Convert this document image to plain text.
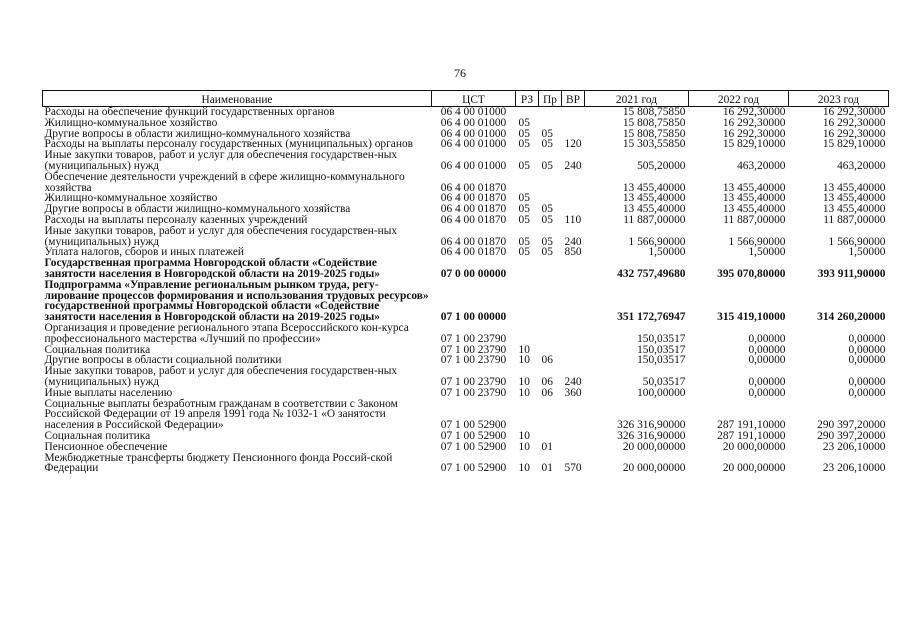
76
Наименование	ЦСТ	РЗ	Пр	ВР	2021 год	2022 год	2023 год
Расходы на обеспечение функций государственных органов	06 4 00 01000				15 808,75850	16 292,30000	16 292,30000
Жилищно-коммунальное хозяйство	06 4 00 01000	05			15 808,75850	16 292,30000	16 292,30000
Другие вопросы в области жилищно-коммунального хозяйства	06 4 00 01000	05	05		15 808,75850	16 292,30000	16 292,30000
Расходы на выплаты персоналу государственных (муниципальных) органов	06 4 00 01000	05	05	120	15 303,55850	15 829,10000	15 829,10000
Иные закупки товаров, работ и услуг для обеспечения государствен-ных (муниципальных) нужд	06 4 00 01000	05	05	240	505,20000	463,20000	463,20000
Обеспечение деятельности учреждений в сфере жилищно-коммунального хозяйства	06 4 00 01870				13 455,40000	13 455,40000	13 455,40000
Жилищно-коммунальное хозяйство	06 4 00 01870	05			13 455,40000	13 455,40000	13 455,40000
Другие вопросы в области жилищно-коммунального хозяйства	06 4 00 01870	05	05		13 455,40000	13 455,40000	13 455,40000
Расходы на выплаты персоналу казенных учреждений	06 4 00 01870	05	05	110	11 887,00000	11 887,00000	11 887,00000
Иные закупки товаров, работ и услуг для обеспечения государствен-ных (муниципальных) нужд	06 4 00 01870	05	05	240	1 566,90000	1 566,90000	1 566,90000
Уплата налогов, сборов и иных платежей	06 4 00 01870	05	05	850	1,50000	1,50000	1,50000
Государственная программа Новгородской области «Содействие занятости населения в Новгородской области на 2019-2025 годы»	07 0 00 00000				432 757,49680	395 070,80000	393 911,90000
Подпрограмма «Управление региональным рынком труда, регу-лирование процессов формирования и использования трудовых ресурсов» государственной программы Новгородской области «Содействие занятости населения в Новгородской области на 2019-2025 годы»	07 1 00 00000				351 172,76947	315 419,10000	314 260,20000
Организация и проведение регионального этапа Всероссийского кон-курса профессионального мастерства «Лучший по профессии»	07 1 00 23790				150,03517	0,00000	0,00000
Социальная политика	07 1 00 23790	10			150,03517	0,00000	0,00000
Другие вопросы в области социальной политики	07 1 00 23790	10	06		150,03517	0,00000	0,00000
Иные закупки товаров, работ и услуг для обеспечения государствен-ных (муниципальных) нужд	07 1 00 23790	10	06	240	50,03517	0,00000	0,00000
Иные выплаты населению	07 1 00 23790	10	06	360	100,00000	0,00000	0,00000
Социальные выплаты безработным гражданам в соответствии с Законом Российской Федерации от 19 апреля 1991 года № 1032-1 «О занятости населения в Российской Федерации»	07 1 00 52900				326 316,90000	287 191,10000	290 397,20000
Социальная политика	07 1 00 52900	10			326 316,90000	287 191,10000	290 397,20000
Пенсионное обеспечение	07 1 00 52900	10	01		20 000,00000	20 000,00000	23 206,10000
Межбюджетные трансферты бюджету Пенсионного фонда Россий-ской Федерации	07 1 00 52900	10	01	570	20 000,00000	20 000,00000	23 206,10000
